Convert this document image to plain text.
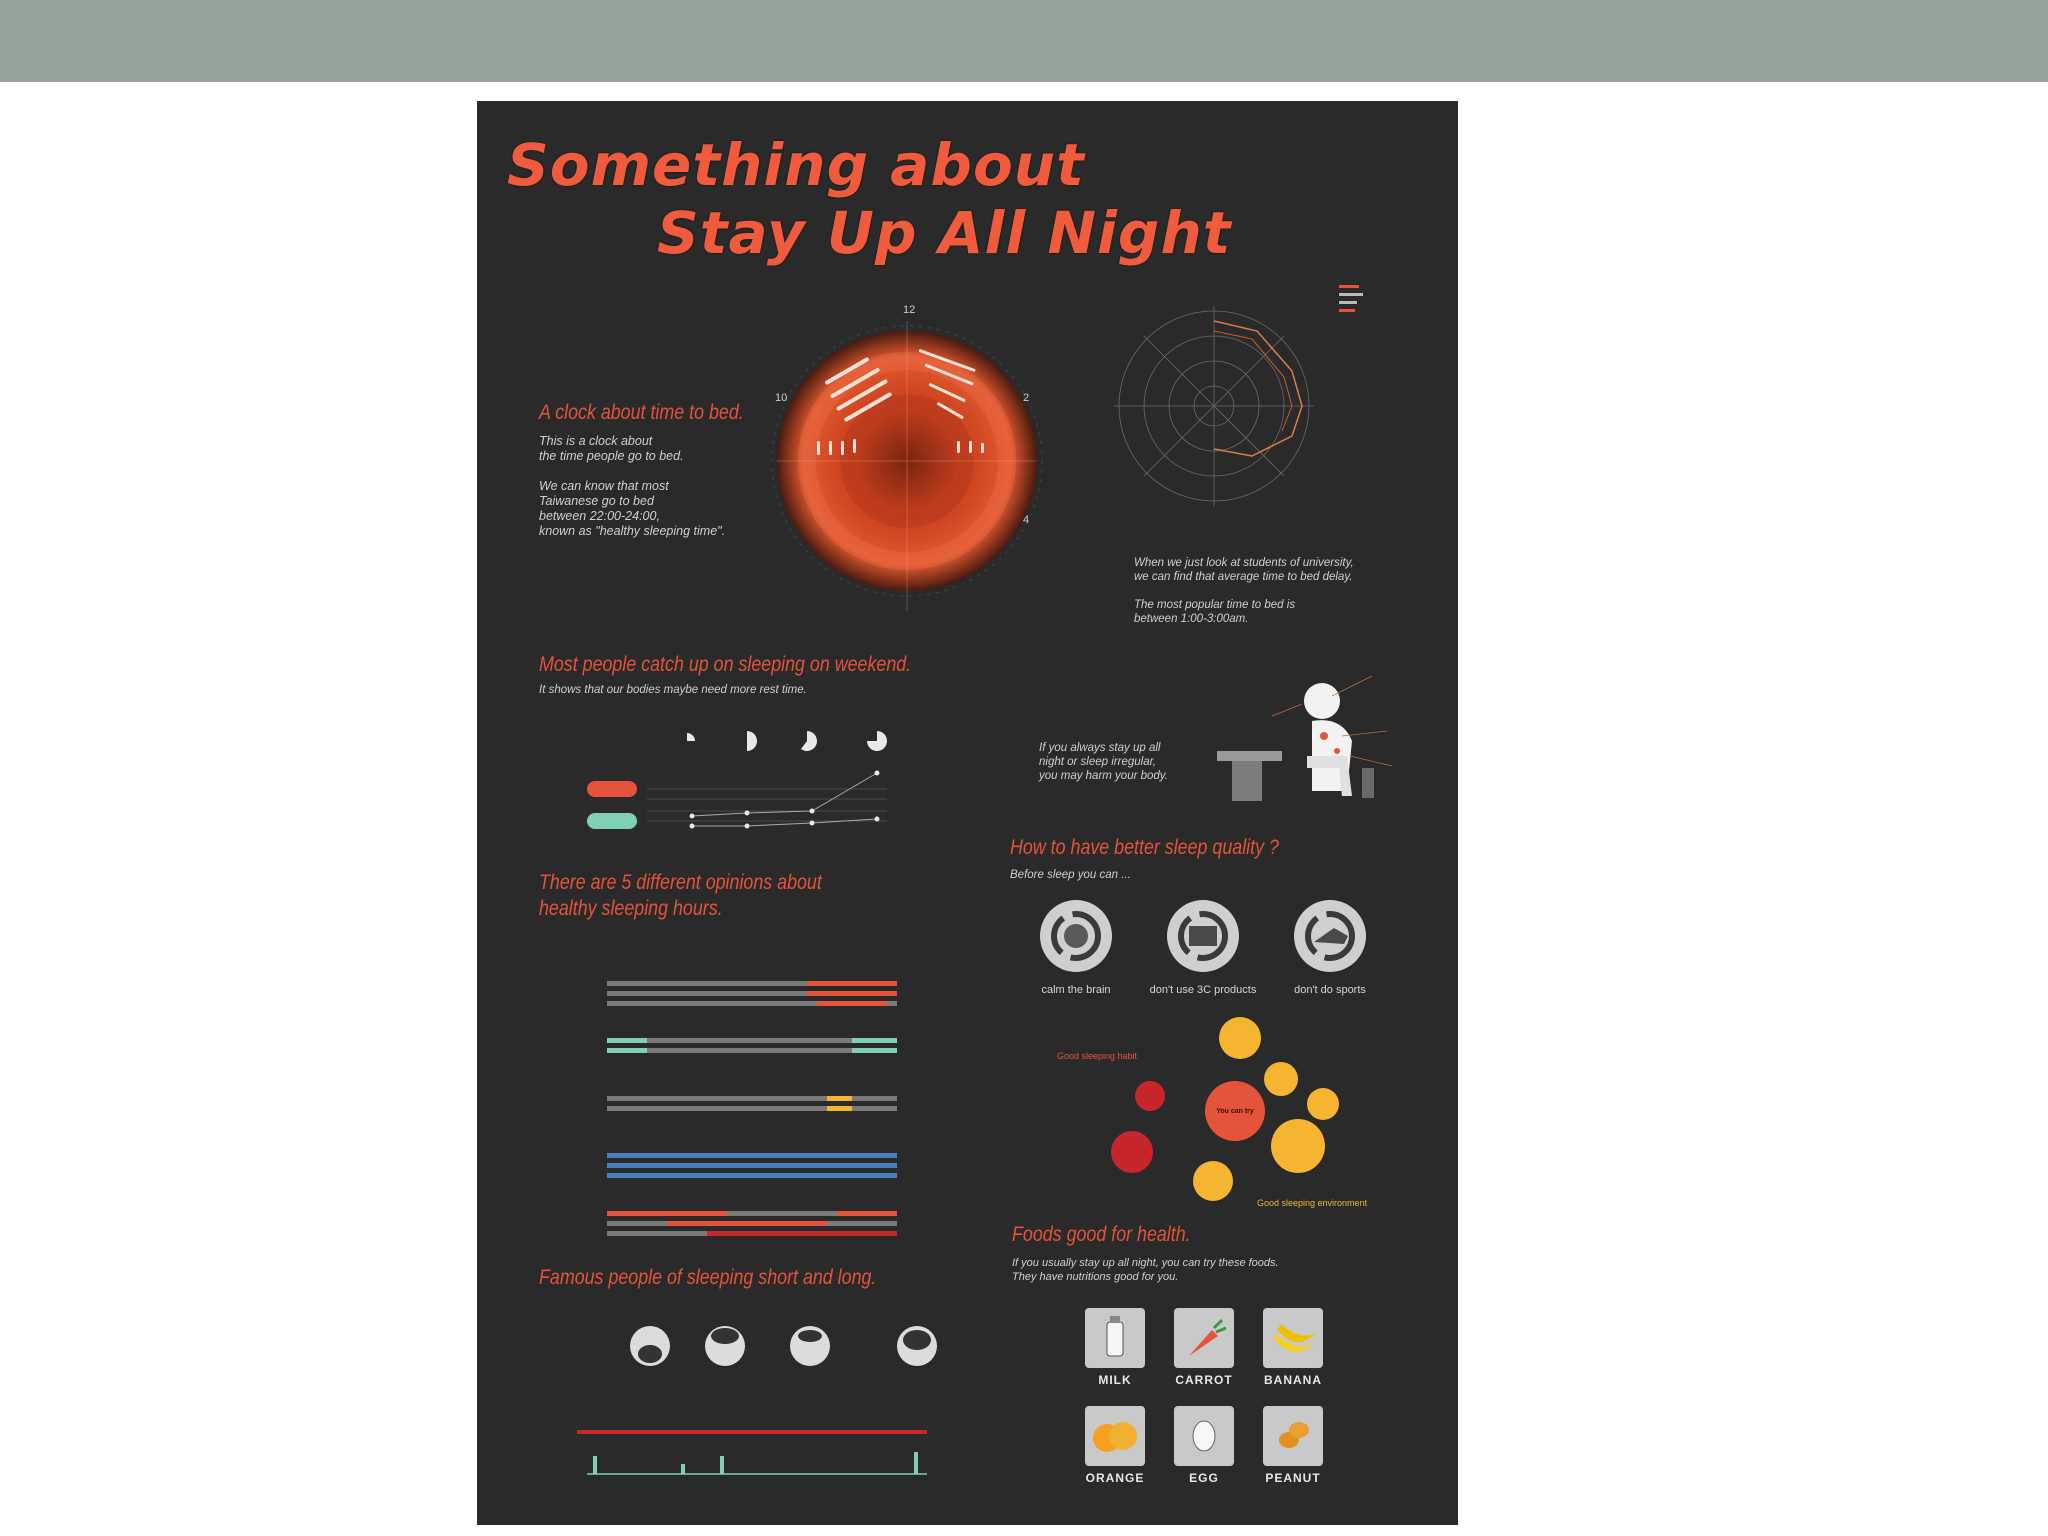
Something about
Stay Up All Night
A clock about time to bed.
This is a clock about
the time people go to bed.

We can know that most
Taiwanese go to bed
between 22:00-24:00,
known as "healthy sleeping time".
12
10	2
4
When we just look at students of university,
we can find that average time to bed delay.

The most popular time to bed is
between 1:00-3:00am.
Most people catch up on sleeping on weekend.
It shows that our bodies maybe need more rest time.
If you always stay up all
night or sleep irregular,
you may harm your body.
How to have better sleep quality ?
Before sleep you can ...
calm the brain	don't use 3C products	don't do sports
Good sleeping habit
You can try
Good sleeping environment
There are 5 different opinions about
healthy sleeping hours.
Foods good for health.
If you usually stay up all night, you can try these foods.
They have nutritions good for you.
MILK	CARROT	BANANA
ORANGE	EGG	PEANUT
Famous people of sleeping short and long.
